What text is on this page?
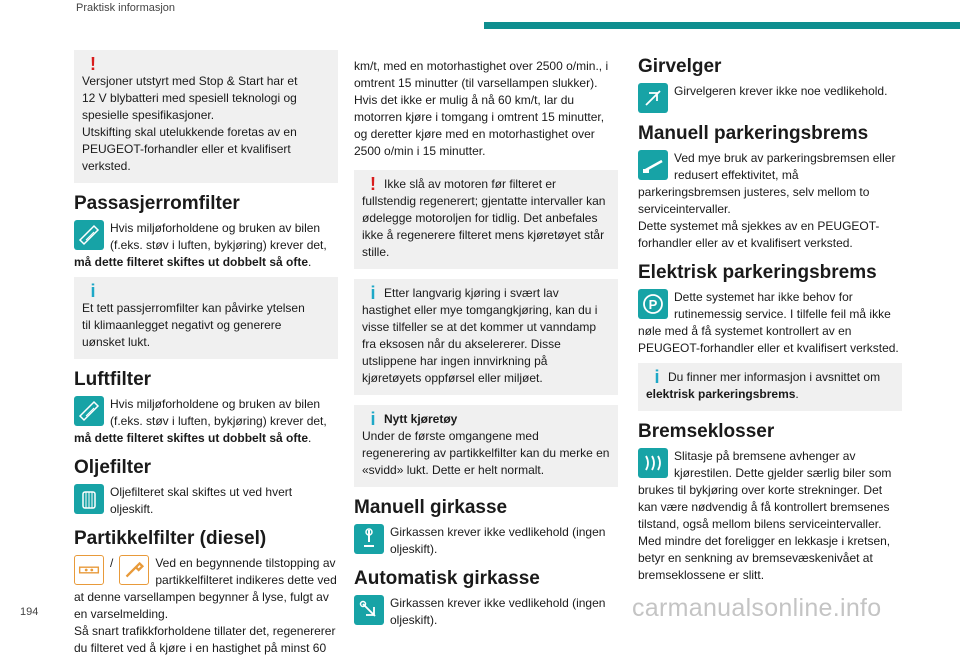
Praktisk informasjon
!Versjoner utstyrt med Stop & Start har et 12 V blybatteri med spesiell teknologi og spesielle spesifikasjoner.

Utskifting skal utelukkende foretas av en PEUGEOT-forhandler eller et kvalifisert verksted.

Passasjerromfilter
Hvis miljøforholdene og bruken av bilen (f.eks. støv i luften, bykjøring) krever det, må dette filteret skiftes ut dobbelt så ofte.
iEt tett passjerromfilter kan påvirke ytelsen til klimaanlegget negativt og generere uønsket lukt.
Luftfilter
Hvis miljøforholdene og bruken av bilen (f.eks. støv i luften, bykjøring) krever det, må dette filteret skiftes ut dobbelt så ofte.
Oljefilter
Oljefilteret skal skiftes ut ved hvert oljeskift.
Partikkelfilter (diesel)
/	Ved en begynnende tilstopping av partikkelfilteret indikeres dette ved at denne varsellampen begynner å lyse, fulgt av en varselmelding.

Så snart trafikkforholdene tillater det, regenererer du filteret ved å kjøre i en hastighet på minst 60

km/t, med en motorhastighet over 2500 o/min., i omtrent 15 minutter (til varsellampen slukker). Hvis det ikke er mulig å nå 60 km/t, lar du motorren kjøre i tomgang i omtrent 15 minutter, og deretter kjøre med en motorhastighet over 2500 o/min i 15 minutter.

! Ikke slå av motoren før filteret er fullstendig regenerert; gjentatte intervaller kan ødelegge motoroljen for tidlig. Det anbefales ikke å regenerere filteret mens kjøretøyet står stille.
i Etter langvarig kjøring i svært lav hastighet eller mye tomgangkjøring, kan du i visse tilfeller se at det kommer ut vanndamp fra eksosen når du akselererer. Disse utslippene har ingen innvirkning på kjøretøyets oppførsel eller miljøet.
i Nytt kjøretøy

Under de første omgangene med regenerering av partikkelfilter kan du merke en «svidd» lukt. Dette er helt normalt.

Manuell girkasse
Girkassen krever ikke vedlikehold (ingen oljeskift).
Automatisk girkasse
Girkassen krever ikke vedlikehold (ingen oljeskift).
Girvelger
Girvelgeren krever ikke noe vedlikehold.
Manuell parkeringsbrems
Ved mye bruk av parkeringsbremsen eller redusert effektivitet, må parkeringsbremsen justeres, selv mellom to serviceintervaller.

Dette systemet må sjekkes av en PEUGEOT-forhandler eller av et kvalifisert verksted.

Elektrisk parkeringsbrems
P Dette systemet har ikke behov for rutinemessig service. I tilfelle feil må ikke nøle med å få systemet kontrollert av en PEUGEOT-forhandler eller et kvalifisert verksted.
i Du finner mer informasjon i avsnittet om elektrisk parkeringsbrems.
Bremseklosser
Slitasje på bremsene avhenger av kjørestilen. Dette gjelder særlig biler som brukes til bykjøring over korte strekninger. Det kan være nødvendig å få kontrollert bremsenes tilstand, også mellom bilens serviceintervaller. Med mindre det foreligger en lekkasje i kretsen, betyr en senkning av bremsevæskenivået at bremseklossene er slitt.
194	carmanualsonline.info
